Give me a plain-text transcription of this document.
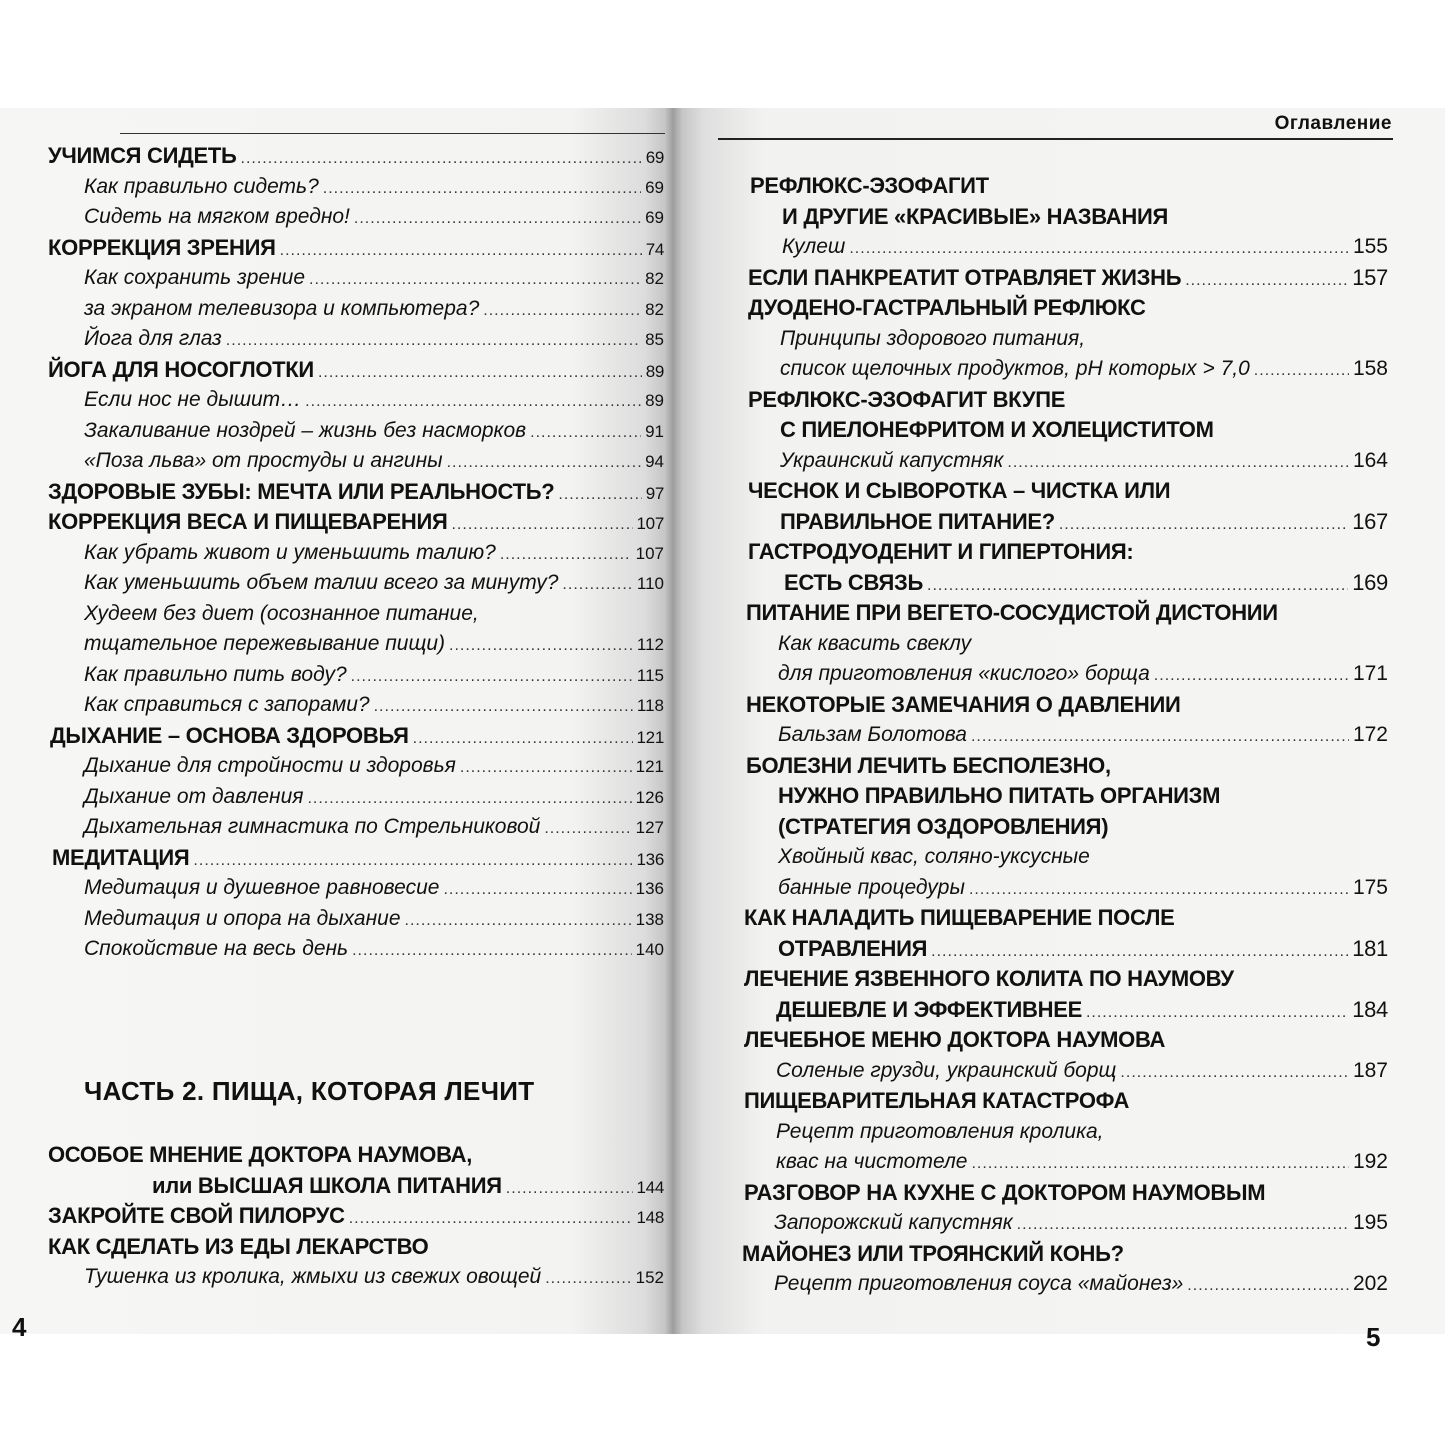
Оглавление
УЧИМСЯ СИДЕТЬ .....	69
Как правильно сидеть? .....	69
Сидеть на мягком вредно! .....	69
КОРРЕКЦИЯ ЗРЕНИЯ .....	74
Как сохранить зрение .....	82
за экраном телевизора и компьютера? .....	82
Йога для глаз .....	85
ЙОГА ДЛЯ НОСОГЛОТКИ .....	89
Если нос не дышит… .....	89
Закаливание ноздрей – жизнь без насморков .....	91
«Поза льва» от простуды и ангины .....	94
ЗДОРОВЫЕ ЗУБЫ: МЕЧТА ИЛИ РЕАЛЬНОСТЬ? .....	97
КОРРЕКЦИЯ ВЕСА И ПИЩЕВАРЕНИЯ .....	107
Как убрать живот и уменьшить талию? .....	107
Как уменьшить объем талии всего за минуту? .....	110
Худеем без диет (осознанное питание,
тщательное пережевывание пищи) .....	112
Как правильно пить воду? .....	115
Как справиться с запорами? .....	118
ДЫХАНИЕ – ОСНОВА ЗДОРОВЬЯ .....	121
Дыхание для стройности и здоровья .....	121
Дыхание от давления .....	126
Дыхательная гимнастика по Стрельниковой .....	127
МЕДИТАЦИЯ .....	136
Медитация и душевное равновесие .....	136
Медитация и опора на дыхание .....	138
Спокойствие на весь день .....	140
ЧАСТЬ 2. ПИЩА, КОТОРАЯ ЛЕЧИТ
ОСОБОЕ МНЕНИЕ ДОКТОРА НАУМОВА,
или ВЫСШАЯ ШКОЛА ПИТАНИЯ .....	144
ЗАКРОЙТЕ СВОЙ ПИЛОРУС .....	148
КАК СДЕЛАТЬ ИЗ ЕДЫ ЛЕКАРСТВО
Тушенка из кролика, жмыхи из свежих овощей .....	152
РЕФЛЮКС-ЭЗОФАГИТ
И ДРУГИЕ «КРАСИВЫЕ» НАЗВАНИЯ
Кулеш .....	155
ЕСЛИ ПАНКРЕАТИТ ОТРАВЛЯЕТ ЖИЗНЬ .....	157
ДУОДЕНО-ГАСТРАЛЬНЫЙ РЕФЛЮКС
Принципы здорового питания,
список щелочных продуктов, pH которых > 7,0 .....	158
РЕФЛЮКС-ЭЗОФАГИТ ВКУПЕ
С ПИЕЛОНЕФРИТОМ И ХОЛЕЦИСТИТОМ
Украинский капустняк .....	164
ЧЕСНОК И СЫВОРОТКА – ЧИСТКА ИЛИ
ПРАВИЛЬНОЕ ПИТАНИЕ? .....	167
ГАСТРОДУОДЕНИТ И ГИПЕРТОНИЯ:
ЕСТЬ СВЯЗЬ .....	169
ПИТАНИЕ ПРИ ВЕГЕТО-СОСУДИСТОЙ ДИСТОНИИ
Как квасить свеклу
для приготовления «кислого» борща .....	171
НЕКОТОРЫЕ ЗАМЕЧАНИЯ О ДАВЛЕНИИ
Бальзам Болотова .....	172
БОЛЕЗНИ ЛЕЧИТЬ БЕСПОЛЕЗНО,
НУЖНО ПРАВИЛЬНО ПИТАТЬ ОРГАНИЗМ
(СТРАТЕГИЯ ОЗДОРОВЛЕНИЯ)
Хвойный квас, соляно-уксусные
банные процедуры .....	175
КАК НАЛАДИТЬ ПИЩЕВАРЕНИЕ ПОСЛЕ
ОТРАВЛЕНИЯ .....	181
ЛЕЧЕНИЕ ЯЗВЕННОГО КОЛИТА ПО НАУМОВУ
ДЕШЕВЛЕ И ЭФФЕКТИВНЕЕ .....	184
ЛЕЧЕБНОЕ МЕНЮ ДОКТОРА НАУМОВА
Соленые грузди, украинский борщ .....	187
ПИЩЕВАРИТЕЛЬНАЯ КАТАСТРОФА
Рецепт приготовления кролика,
квас на чистотеле .....	192
РАЗГОВОР НА КУХНЕ С ДОКТОРОМ НАУМОВЫМ
Запорожский капустняк .....	195
МАЙОНЕЗ ИЛИ ТРОЯНСКИЙ КОНЬ?
Рецепт приготовления соуса «майонез» .....	202
4	5
